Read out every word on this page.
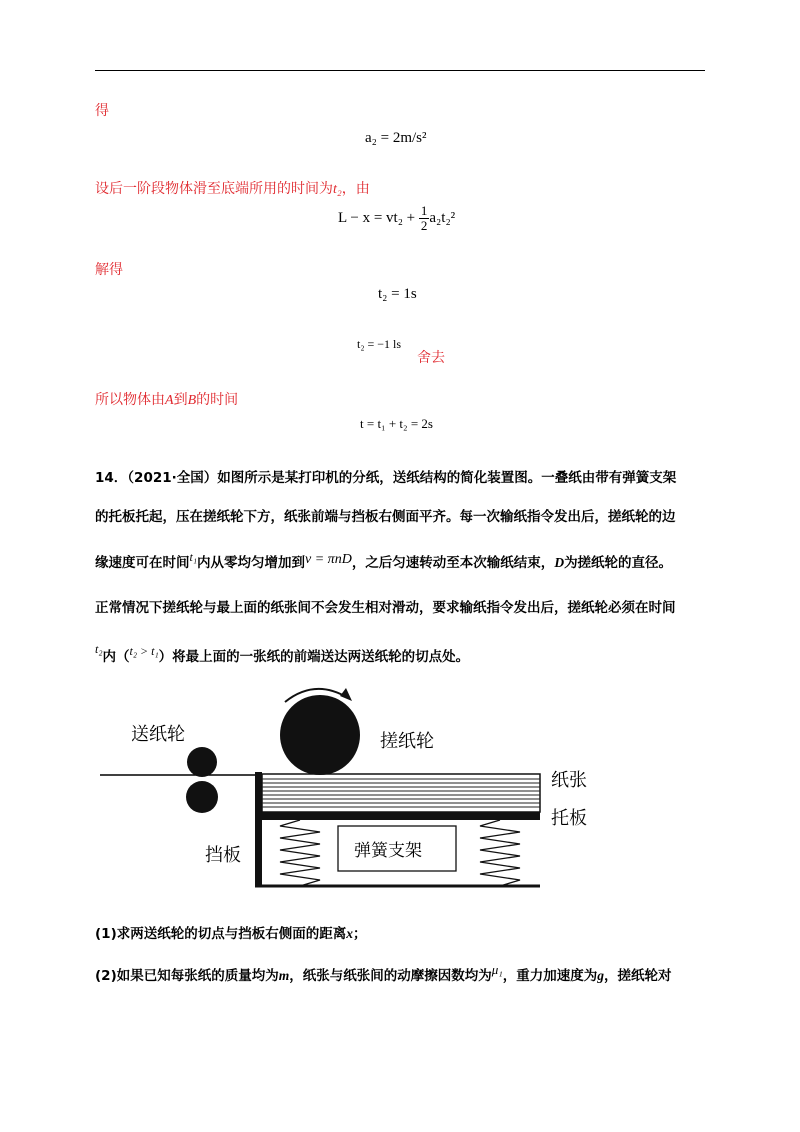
得
a₂ = 2m/s²
设后一阶段物体滑至底端所用的时间为t₂，由
$L - x = vt_2 + \frac{1}{2} a_2t_2^2$
解得
t₂ = 1s
t₂ = −1 ls
舍去
所以物体由A到B的时间
t = t₁ + t₂ = 2s
14．（2021·全国）如图所示是某打印机的分纸，送纸结构的简化装置图。一叠纸由带有弹簧支架
的托板托起，压在搓纸轮下方，纸张前端与挡板右侧面平齐。每一次输纸指令发出后，搓纸轮的边
缘速度可在时间t₁内从零均匀增加到v = πnD，之后匀速转动至本次输纸结束，D为搓纸轮的直径。
正常情况下搓纸轮与最上面的纸张间不会发生相对滑动，要求输纸指令发出后，搓纸轮必须在时间
t₂内（t₂ > t₁）将最上面的一张纸的前端送达两送纸轮的切点处。
送纸轮	搓纸轮
纸张
托板
挡板	弹簧支架
(1)求两送纸轮的切点与挡板右侧面的距离x；
(2)如果已知每张纸的质量均为m，纸张与纸张间的动摩擦因数均为μ₁，重力加速度为g，搓纸轮对
